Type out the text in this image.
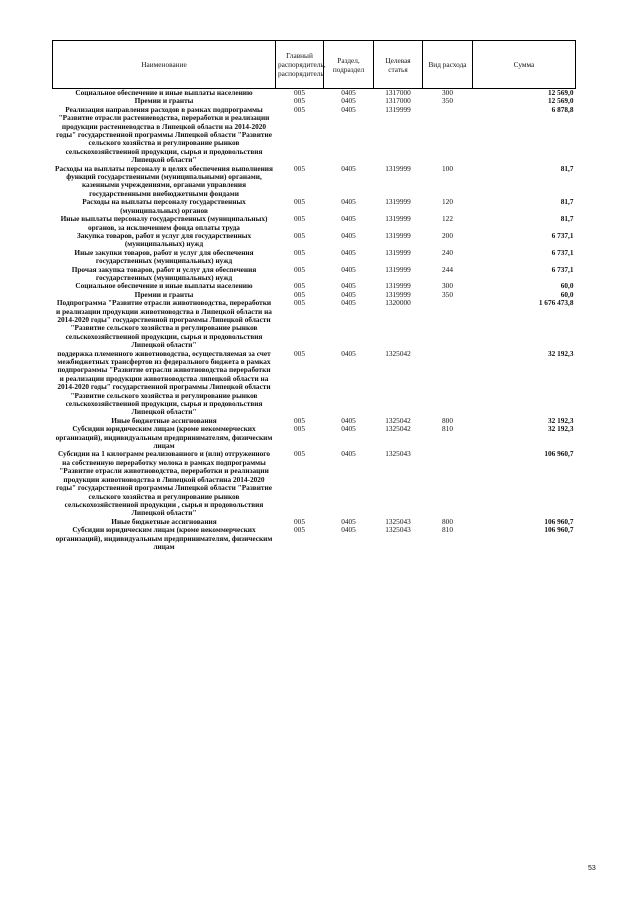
Наименование	Главный распорядитель, распорядитель	Раздел, подраздел	Целевая статья	Вид расхода	Сумма
Социальное обеспечение и иные выплаты населению	005	0405	1317000	300	12 569,0
Премии и гранты	005	0405	1317000	350	12 569,0
Реализация направления расходов в рамках подпрограммы "Развитие отрасли растениеводства, переработки и реализации продукции растениеводства в Липецкой области на 2014-2020 годы" государственной программы Липецкой области "Развитие сельского хозяйства и регулирование рынков сельскохозяйственной продукции, сырья и продовольствия Липецкой области"	005	0405	1319999		6 878,8
Расходы на выплаты персоналу в целях обеспечения выполнения функций государственными (муниципальными) органами, казенными учреждениями, органами управления государственными внебюджетными фондами	005	0405	1319999	100	81,7
Расходы на выплаты персоналу государственных (муниципальных) органов	005	0405	1319999	120	81,7
Иные выплаты персоналу государственных (муниципальных) органов, за исключением фонда оплаты труда	005	0405	1319999	122	81,7
Закупка товаров, работ и услуг для государственных (муниципальных) нужд	005	0405	1319999	200	6 737,1
Иные закупки товаров, работ и услуг для обеспечения государственных (муниципальных) нужд	005	0405	1319999	240	6 737,1
Прочая закупка товаров, работ и услуг для обеспечения государственных (муниципальных) нужд	005	0405	1319999	244	6 737,1
Социальное обеспечение и иные выплаты населению	005	0405	1319999	300	60,0
Премии и гранты	005	0405	1319999	350	60,0
Подпрограмма "Развитие отрасли животноводства, переработки и реализации продукции животноводства в Липецкой области на 2014-2020 годы" государственной программы Липецкой области "Развитие сельского хозяйства и регулирование рынков сельскохозяйственной продукции, сырья и продовольствия Липецкой области"	005	0405	1320000		1 676 473,8
поддержка племенного животноводства, осуществляемая за счет межбюджетных трансфертов из федерального бюджета в рамках подпрограммы "Развитие отрасли животноводства переработки и реализации продукции животноводства липецкой области на 2014-2020 годы" государственной программы Липецкой области "Развитие сельского хозяйства и регулирование рынков сельскохозяйственной продукции, сырья и продовольствия Липецкой области"	005	0405	1325042		32 192,3
Иные бюджетные ассигнования	005	0405	1325042	800	32 192,3
Субсидии юридическим лицам (кроме некоммерческих организаций), индивидуальным предпринимателям, физическим лицам	005	0405	1325042	810	32 192,3
Субсидии на 1 килограмм реализованного и (или) отгруженного на собственную переработку молока в рамках подпрограммы "Развитие отрасли животноводства, переработки и реализации продукции животноводства в Липецкой областина 2014-2020 годы" государственной программы Липецкой области "Развитие сельского хозяйства и регулирование рынков сельскохозяйственной продукции , сырья и продовольствия Липецкой области"	005	0405	1325043		106 960,7
Иные бюджетные ассигнования	005	0405	1325043	800	106 960,7
Субсидии юридическим лицам (кроме некоммерческих организаций), индивидуальным предпринимателям, физическим лицам	005	0405	1325043	810	106 960,7
53
